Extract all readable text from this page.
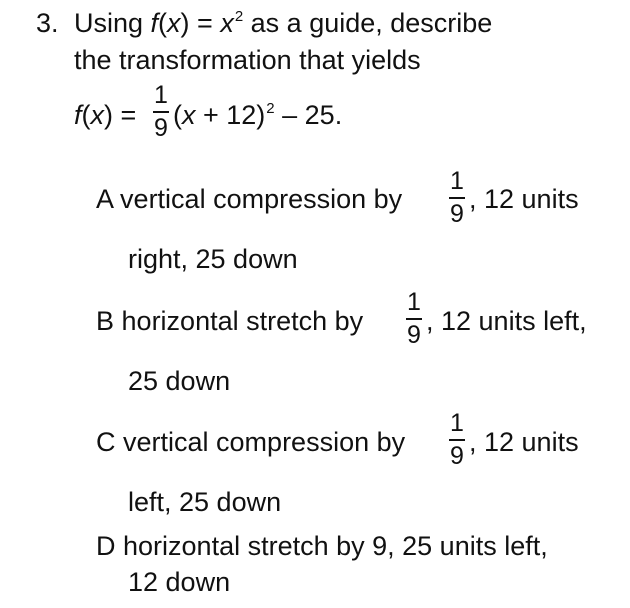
3. Using $f(x) = x^2$ as a guide, describe
the transformation that yields
f(x) =
1
9 $(x + 12)^2 - 25$.
A vertical compression by
1
9 , 12 units
right, 25 down
B horizontal stretch by
1
9 , 12 units left,
25 down
C vertical compression by
1
9 , 12 units
left, 25 down
D horizontal stretch by 9, 25 units left,
12 down
